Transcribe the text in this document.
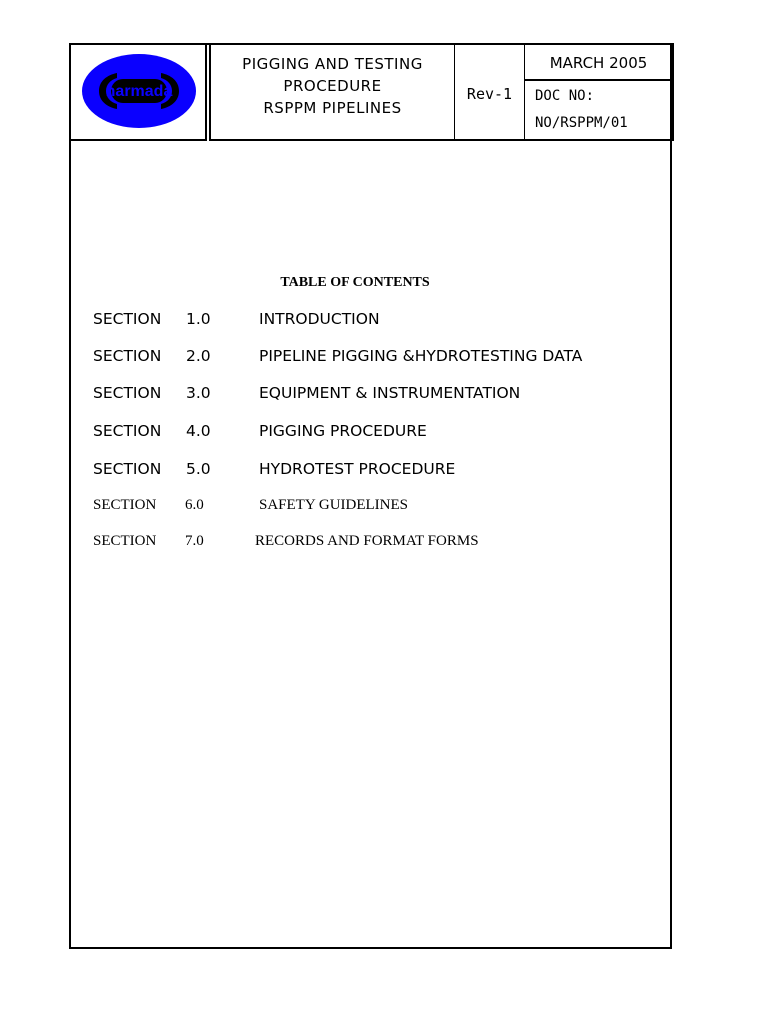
narmada
PIGGING AND TESTING
PROCEDURE
RSPPM PIPELINES
Rev-1
MARCH 2005
DOC NO:
NO/RSPPM/01
TABLE OF CONTENTS
SECTION 1.0	INTRODUCTION
SECTION 2.0	PIPELINE PIGGING &HYDROTESTING DATA
SECTION 3.0	EQUIPMENT & INSTRUMENTATION
SECTION 4.0	PIGGING PROCEDURE
SECTION 5.0	HYDROTEST PROCEDURE
SECTION 6.0	SAFETY GUIDELINES
SECTION 7.0	RECORDS AND FORMAT FORMS
